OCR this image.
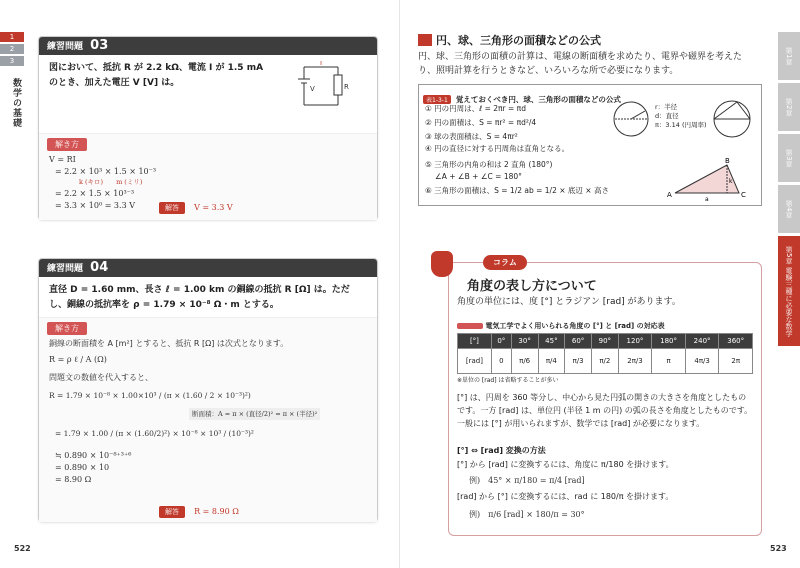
1
2
3
数学の基礎
練習問題 03
図において、抵抗 R が 2.2 kΩ、電流 I が 1.5 mA のとき、加えた電圧 V [V] は。
I
V	R
解き方
V = RI
= 2.2 × 10³ × 1.5 × 10⁻³
k (キロ)　　m (ミリ)
= 2.2 × 1.5 × 10³⁻³
= 3.3 × 10⁰ = 3.3 V	解答 V = 3.3 V
練習問題 04
直径 D = 1.60 mm、長さ ℓ = 1.00 km の銅線の抵抗 R [Ω] は。ただし、銅線の抵抗率を ρ = 1.79 × 10⁻⁸ Ω・m とする。
解き方
銅線の断面積を A [m²] とすると、抵抗 R [Ω] は次式となります。
R = ρ ℓ / A (Ω)
問題文の数値を代入すると、
R = 1.79 × 10⁻⁸ × 1.00×10³ / (π × (1.60 / 2 × 10⁻³)²)
断面積：A = π × (直径/2)² = π × (半径)²
= 1.79 × 1.00 / (π × (1.60/2)²) × 10⁻⁸ × 10³ / (10⁻³)²
≒ 0.890 × 10⁻⁸⁺³⁺⁶
= 0.890 × 10
= 8.90 Ω
解答 R = 8.90 Ω
522
円、球、三角形の面積などの公式
円、球、三角形の面積の計算は、電線の断面積を求めたり、電界や磁界を考えたり、照明計算を行うときなど、いろいろな所で必要になります。
表1-3-1 覚えておくべき円、球、三角形の面積などの公式
① 円の円周は、ℓ = 2πr = πd
② 円の面積は、S = πr² = πd²/4
③ 球の表面積は、S = 4πr²
④ 円の直径に対する円周角は直角となる。
⑤ 三角形の内角の和は 2 直角 (180°)
∠A + ∠B + ∠C = 180°
⑥ 三角形の面積は、S = 1/2 ab = 1/2 × 底辺 × 高さ
r：半径
d：直径
π：3.14 (円周率)
B
A	C
k
a
コラム
角度の表し方について
角度の単位には、度 [°] とラジアン [rad] があります。
電気工学でよく用いられる角度の [°] と [rad] の対応表
[°]	0°	30°	45°	60°	90°	120°	180°	240°	360°
[rad]	0	π/6	π/4	π/3	π/2	2π/3	π	4π/3	2π
※単位の [rad] は省略することが多い
[°] は、円周を 360 等分し、中心から見た円弧の開きの大きさを角度としたものです。一方 [rad] は、単位円 (半径 1 m の円) の弧の長さを角度としたものです。一般には [°] が用いられますが、数学では [rad] が必要になります。
[°] ⇔ [rad] 変換の方法
[°] から [rad] に変換するには、角度に π/180 を掛けます。
例)　45° × π/180 = π/4 [rad]
[rad] から [°] に変換するには、rad に 180/π を掛けます。
例)　π/6 [rad] × 180/π = 30°
523
第1章
第2章
第3章
第4章
第5章 電験三種に必要な数学
